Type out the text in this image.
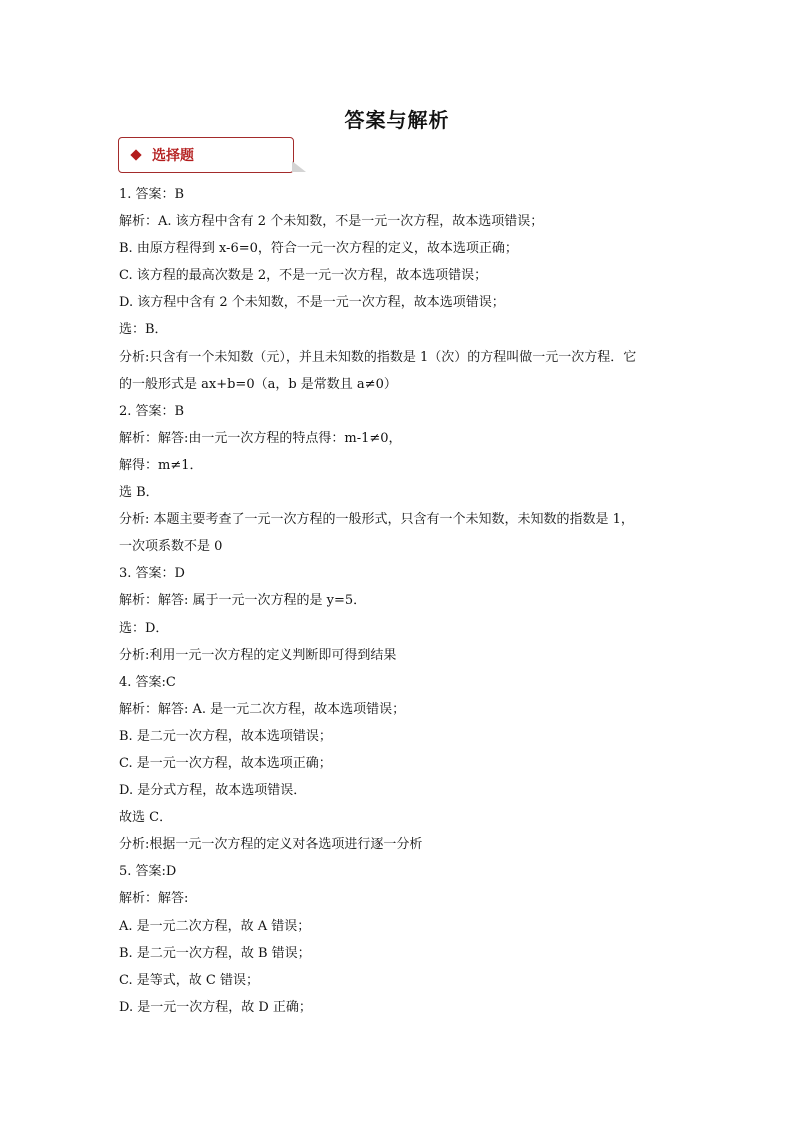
答案与解析
选择题
1. 答案：B
解析：A. 该方程中含有 2 个未知数，不是一元一次方程，故本选项错误；
B. 由原方程得到 x-6=0，符合一元一次方程的定义，故本选项正确；
C. 该方程的最高次数是 2，不是一元一次方程，故本选项错误；
D. 该方程中含有 2 个未知数，不是一元一次方程，故本选项错误；
选：B．
分析:只含有一个未知数（元），并且未知数的指数是 1（次）的方程叫做一元一次方程．它
的一般形式是 ax+b=0（a，b 是常数且 a≠0）
2. 答案：B
解析：解答:由一元一次方程的特点得：m-1≠0，
解得：m≠1．
选 B．
分析: 本题主要考查了一元一次方程的一般形式，只含有一个未知数，未知数的指数是 1，
一次项系数不是 0
3. 答案：D
解析：解答: 属于一元一次方程的是 y=5．
选：D．
分析:利用一元一次方程的定义判断即可得到结果
4. 答案:C
解析：解答: A. 是一元二次方程，故本选项错误；
B. 是二元一次方程，故本选项错误；
C. 是一元一次方程，故本选项正确；
D. 是分式方程，故本选项错误．
故选 C．
分析:根据一元一次方程的定义对各选项进行逐一分析
5. 答案:D
解析：解答:
A. 是一元二次方程，故 A 错误；
B. 是二元一次方程，故 B 错误；
C. 是等式，故 C 错误；
D. 是一元一次方程，故 D 正确；
